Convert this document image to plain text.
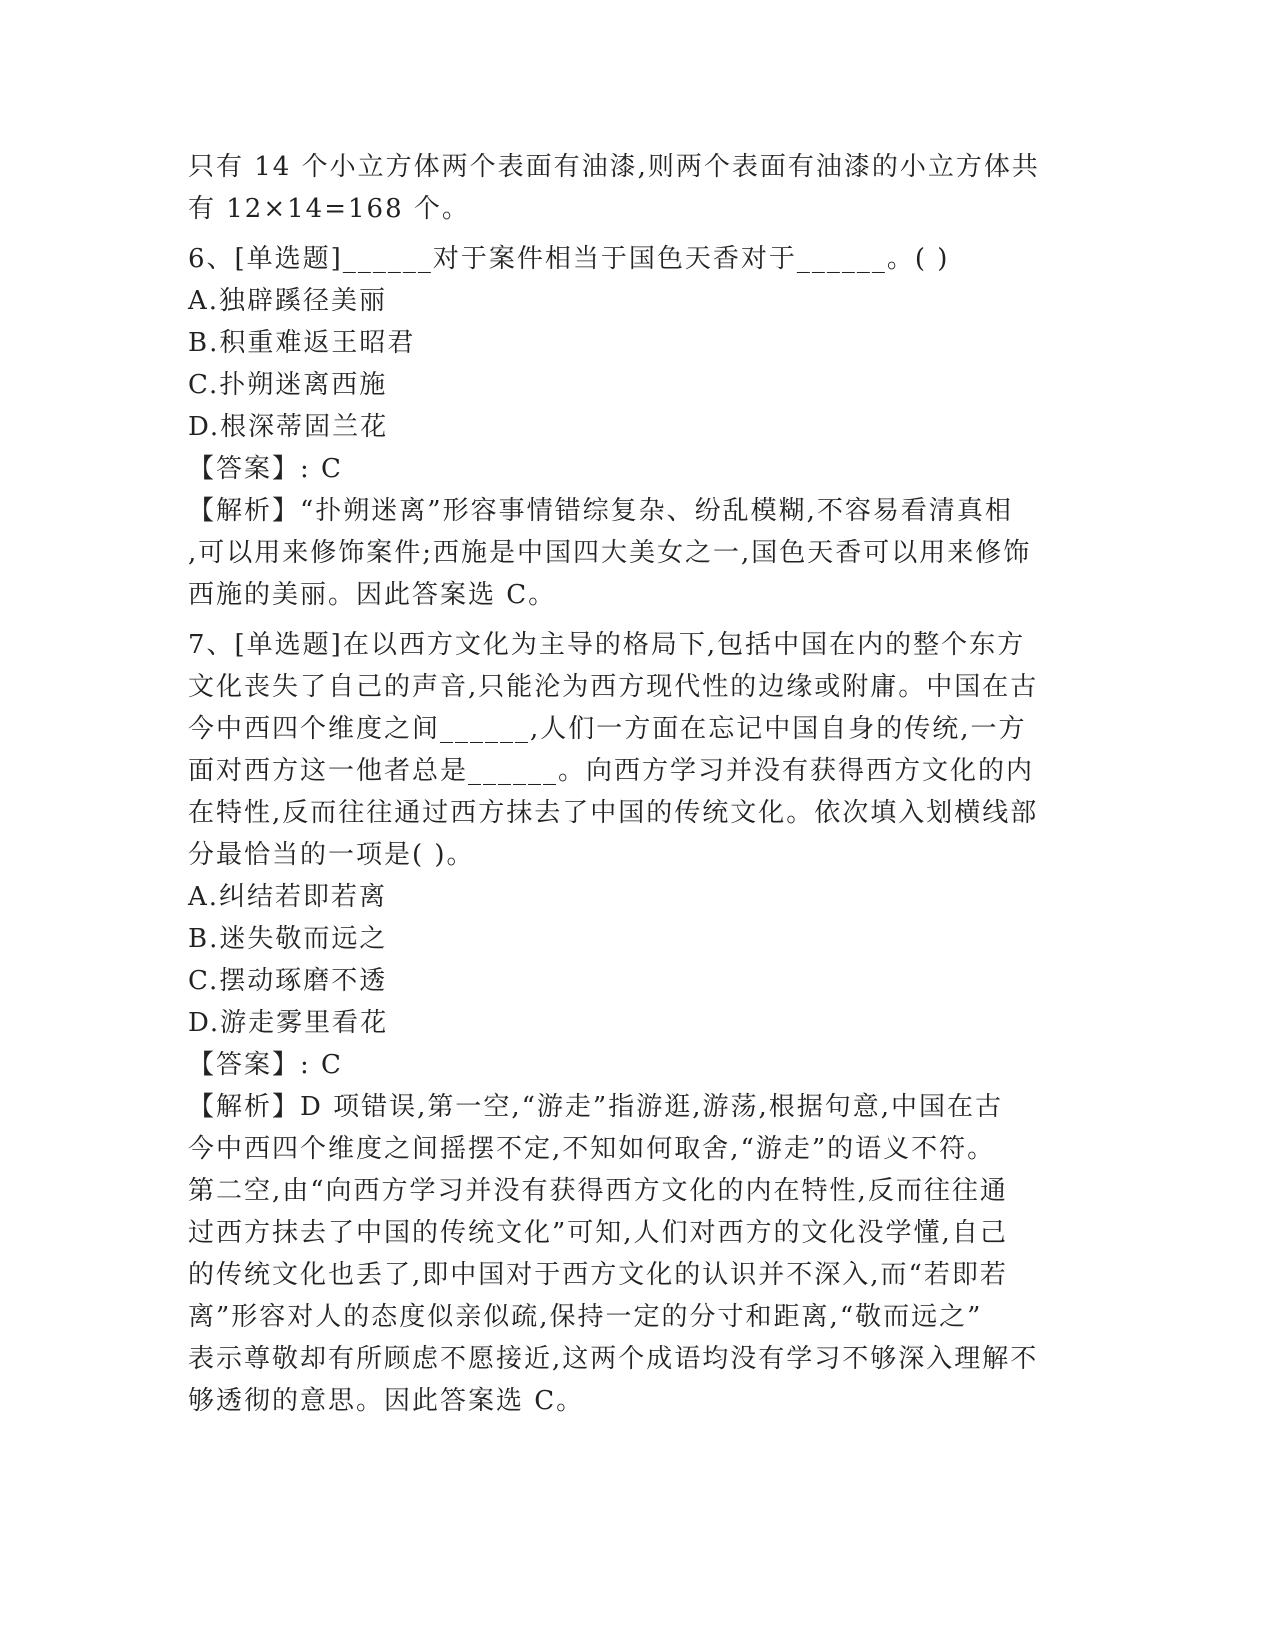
只有 14 个小立方体两个表面有油漆,则两个表面有油漆的小立方体共
有 12×14=168 个。
6、[单选题]______对于案件相当于国色天香对于______。( )
A.独辟蹊径美丽
B.积重难返王昭君
C.扑朔迷离西施
D.根深蒂固兰花
【答案】: C
【解析】“扑朔迷离”形容事情错综复杂、纷乱模糊,不容易看清真相
,可以用来修饰案件;西施是中国四大美女之一,国色天香可以用来修饰
西施的美丽。因此答案选 C。
7、[单选题]在以西方文化为主导的格局下,包括中国在内的整个东方
文化丧失了自己的声音,只能沦为西方现代性的边缘或附庸。中国在古
今中西四个维度之间______,人们一方面在忘记中国自身的传统,一方
面对西方这一他者总是______。向西方学习并没有获得西方文化的内
在特性,反而往往通过西方抹去了中国的传统文化。依次填入划横线部
分最恰当的一项是( )。
A.纠结若即若离
B.迷失敬而远之
C.摆动琢磨不透
D.游走雾里看花
【答案】: C
【解析】D 项错误,第一空,“游走”指游逛,游荡,根据句意,中国在古
今中西四个维度之间摇摆不定,不知如何取舍,“游走”的语义不符。
第二空,由“向西方学习并没有获得西方文化的内在特性,反而往往通
过西方抹去了中国的传统文化”可知,人们对西方的文化没学懂,自己
的传统文化也丢了,即中国对于西方文化的认识并不深入,而“若即若
离”形容对人的态度似亲似疏,保持一定的分寸和距离,“敬而远之”
表示尊敬却有所顾虑不愿接近,这两个成语均没有学习不够深入理解不
够透彻的意思。因此答案选 C。
